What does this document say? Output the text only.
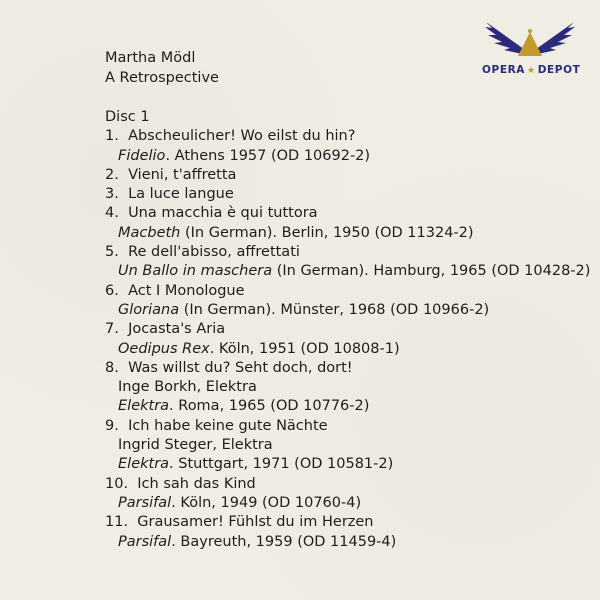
Martha Mödl
A Retrospective	OPERA ★ DEPOT
Disc 1
1. Abscheulicher! Wo eilst du hin?
Fidelio. Athens 1957 (OD 10692-2)
2. Vieni, t'affretta
3. La luce langue
4. Una macchia è qui tuttora
Macbeth (In German). Berlin, 1950 (OD 11324-2)
5. Re dell'abisso, affrettati
Un Ballo in maschera (In German). Hamburg, 1965 (OD 10428-2)
6. Act I Monologue
Gloriana (In German). Münster, 1968 (OD 10966-2)
7. Jocasta's Aria
Oedipus Rex. Köln, 1951 (OD 10808-1)
8. Was willst du? Seht doch, dort!
Inge Borkh, Elektra
Elektra. Roma, 1965 (OD 10776-2)
9. Ich habe keine gute Nächte
Ingrid Steger, Elektra
Elektra. Stuttgart, 1971 (OD 10581-2)
10. Ich sah das Kind
Parsifal. Köln, 1949 (OD 10760-4)
11. Grausamer! Fühlst du im Herzen
Parsifal. Bayreuth, 1959 (OD 11459-4)
